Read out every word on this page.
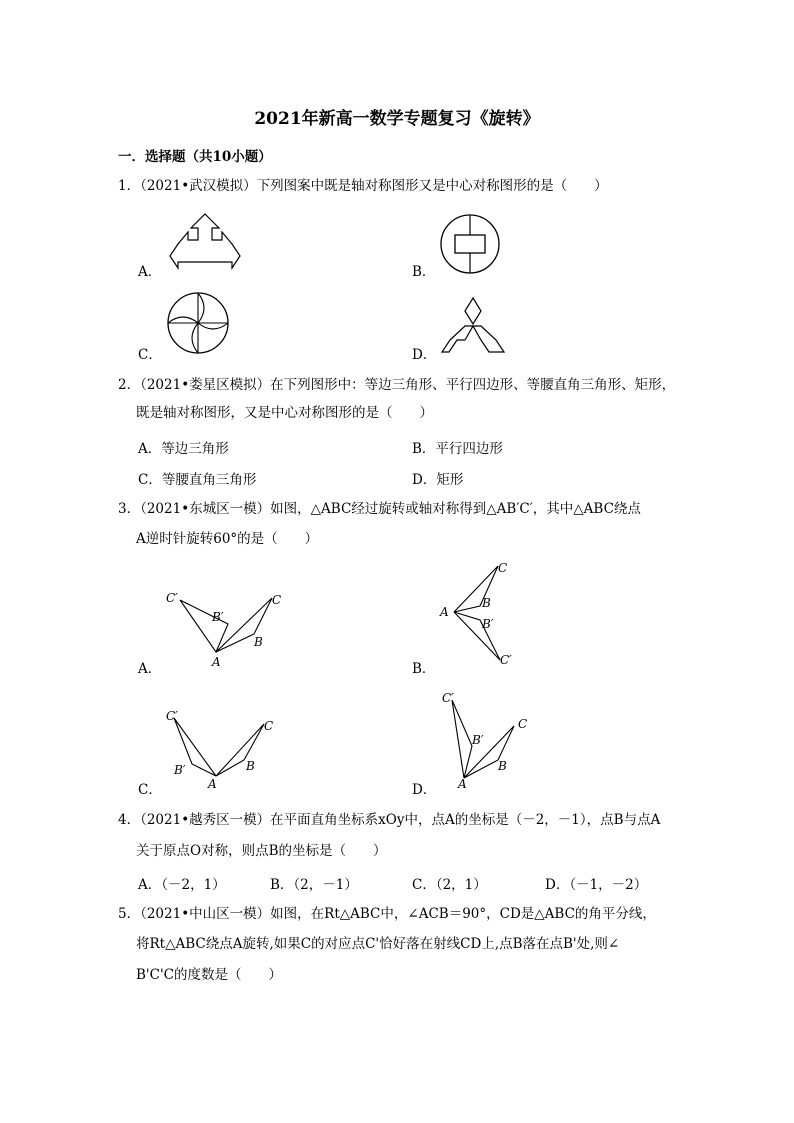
2021年新高一数学专题复习《旋转》
一．选择题（共10小题）
1．（2021•武汉模拟）下列图案中既是轴对称图形又是中心对称图形的是（　　）
A．	B．
C．	D．
2．（2021•娄星区模拟）在下列图形中：等边三角形、平行四边形、等腰直角三角形、矩形，
既是轴对称图形，又是中心对称图形的是（　　）
A．等边三角形	B．平行四边形
C．等腰直角三角形	D．矩形
3．（2021•东城区一模）如图，△ABC经过旋转或轴对称得到△AB′C′，其中△ABC绕点
A逆时针旋转60°的是（　　）
A．
C′
B′
C
B
A	B．
C
A
B
B′
C′
C．
C′
B′
A
B
C
D．
C′
B′
A
B
C
4．（2021•越秀区一模）在平面直角坐标系xOy中，点A的坐标是（－2，－1），点B与点A
关于原点O对称，则点B的坐标是（　　）
A．（－2，1）	B．（2，－1）	C．（2，1）	D．（－1，－2）
5．（2021•中山区一模）如图，在Rt△ABC中，∠ACB＝90°，CD是△ABC的角平分线，
将Rt△ABC绕点A旋转,如果C的对应点C'恰好落在射线CD上,点B落在点B'处,则∠
B'C'C的度数是（　　）
